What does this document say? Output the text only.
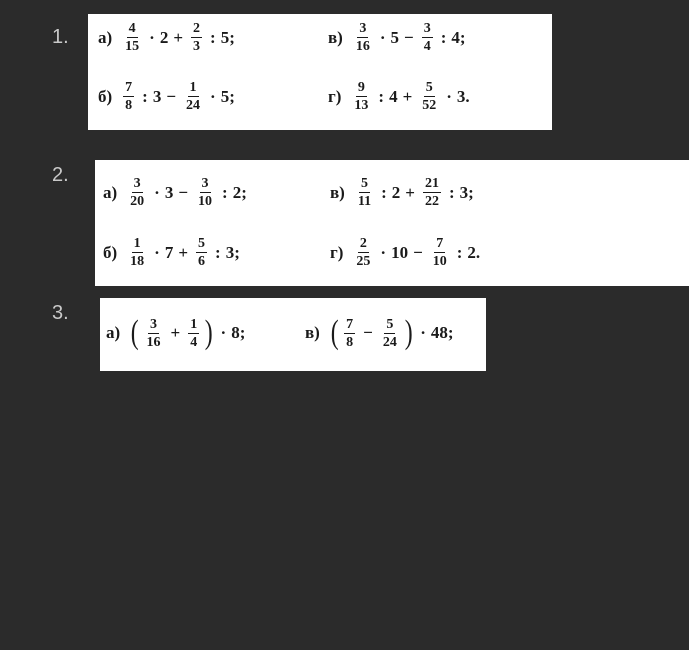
1.
2.
3.
$а) \frac{4}{15} \cdot 2 + \frac{2}{3}$ : 5;	$в) \frac{3}{16} \cdot 5 - \frac{3}{4}$ : 4;
$б) \frac{7}{8}$ : $3 - \frac{1}{24} \cdot 5$;	$г) \frac{9}{13}$ : $4 + \frac{5}{52} \cdot 3$.
$а) \frac{3}{20} \cdot 3 - \frac{3}{10}$ : 2;	$в) \frac{5}{11}$ : $2 + \frac{21}{22}$ : 3;
$б) \frac{1}{18} \cdot 7 + \frac{5}{6}$ : 3;	$г) \frac{2}{25} \cdot 10 - \frac{7}{10}$ : 2.
а) ( $\frac{3}{16} + \frac{1}{4}$ ) · 8;	в) ( $\frac{7}{8} - \frac{5}{24}$ ) · 48;
